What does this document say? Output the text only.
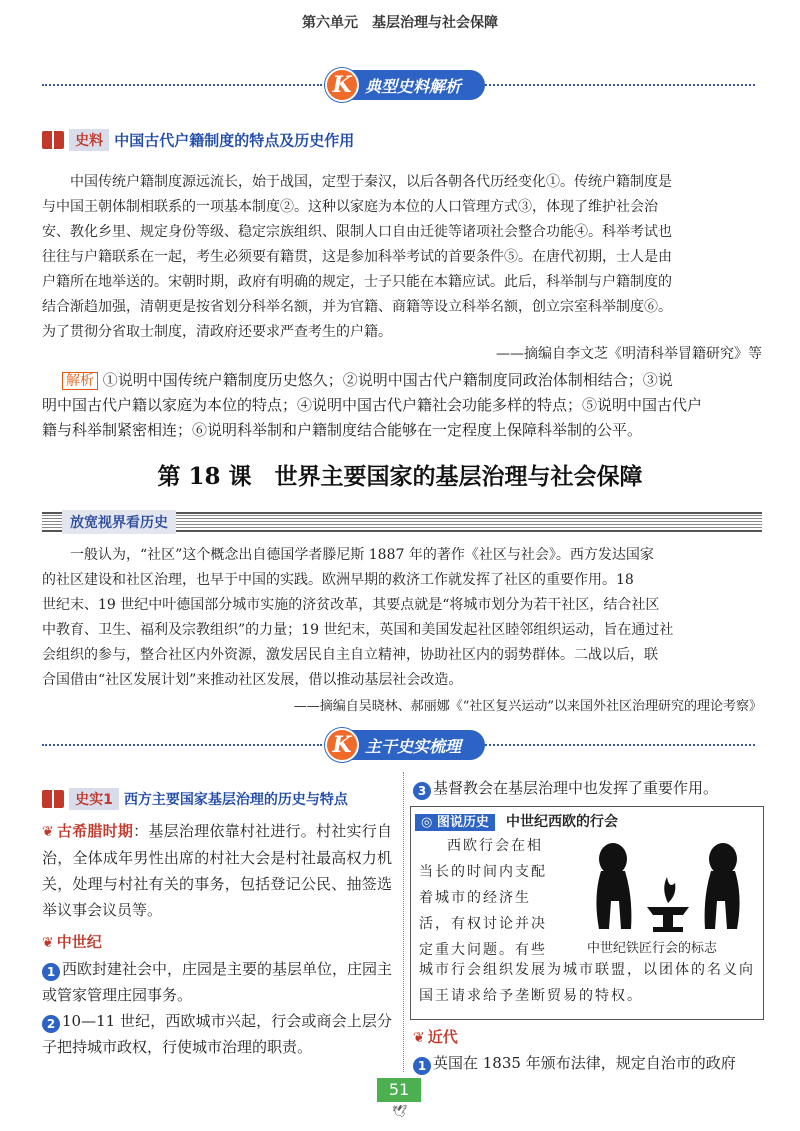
第六单元　基层治理与社会保障
K 典型史料解析
史料 中国古代户籍制度的特点及历史作用
中国传统户籍制度源远流长，始于战国，定型于秦汉，以后各朝各代历经变化①。传统户籍制度是
与中国王朝体制相联系的一项基本制度②。这种以家庭为本位的人口管理方式③，体现了维护社会治
安、教化乡里、规定身份等级、稳定宗族组织、限制人口自由迁徙等诸项社会整合功能④。科举考试也
往往与户籍联系在一起，考生必须要有籍贯，这是参加科举考试的首要条件⑤。在唐代初期，士人是由
户籍所在地举送的。宋朝时期，政府有明确的规定，士子只能在本籍应试。此后，科举制与户籍制度的
结合渐趋加强，清朝更是按省划分科举名额，并为官籍、商籍等设立科举名额，创立宗室科举制度⑥。
为了贯彻分省取士制度，清政府还要求严查考生的户籍。
——摘编自李文芝《明清科举冒籍研究》等
解析 ①说明中国传统户籍制度历史悠久；②说明中国古代户籍制度同政治体制相结合；③说
明中国古代户籍以家庭为本位的特点；④说明中国古代户籍社会功能多样的特点；⑤说明中国古代户
籍与科举制紧密相连；⑥说明科举制和户籍制度结合能够在一定程度上保障科举制的公平。
第 18 课　世界主要国家的基层治理与社会保障
放宽视界看历史
一般认为，“社区”这个概念出自德国学者滕尼斯 1887 年的著作《社区与社会》。西方发达国家
的社区建设和社区治理，也早于中国的实践。欧洲早期的救济工作就发挥了社区的重要作用。18
世纪末、19 世纪中叶德国部分城市实施的济贫改革，其要点就是“将城市划分为若干社区，结合社区
中教育、卫生、福利及宗教组织”的力量；19 世纪末，英国和美国发起社区睦邻组织运动，旨在通过社
会组织的参与，整合社区内外资源，激发居民自主自立精神，协助社区内的弱势群体。二战以后，联
合国借由“社区发展计划”来推动社区发展，借以推动基层社会改造。
——摘编自吴晓林、郝丽娜《“社区复兴运动”以来国外社区治理研究的理论考察》
K 主干史实梳理
史实1 西方主要国家基层治理的历史与特点
❦ 古希腊时期：基层治理依靠村社进行。村社实行自治，全体成年男性出席的村社大会是村社最高权力机关，处理与村社有关的事务，包括登记公民、抽签选举议事会议员等。
❦ 中世纪
1 西欧封建社会中，庄园是主要的基层单位，庄园主或管家管理庄园事务。
2 10—11 世纪，西欧城市兴起，行会或商会上层分子把持城市政权，行使城市治理的职责。
3 基督教会在基层治理中也发挥了重要作用。
◎ 图说历史 中世纪西欧的行会
西欧行会在相
当长的时间内支配
着城市的经济生
活，有权讨论并决
定重大问题。有些	中世纪铁匠行会的标志
城市行会组织发展为城市联盟，以团体的名义向
国王请求给予垄断贸易的特权。
❦ 近代
1 英国在 1835 年颁布法律，规定自治市的政府
51
🕊
